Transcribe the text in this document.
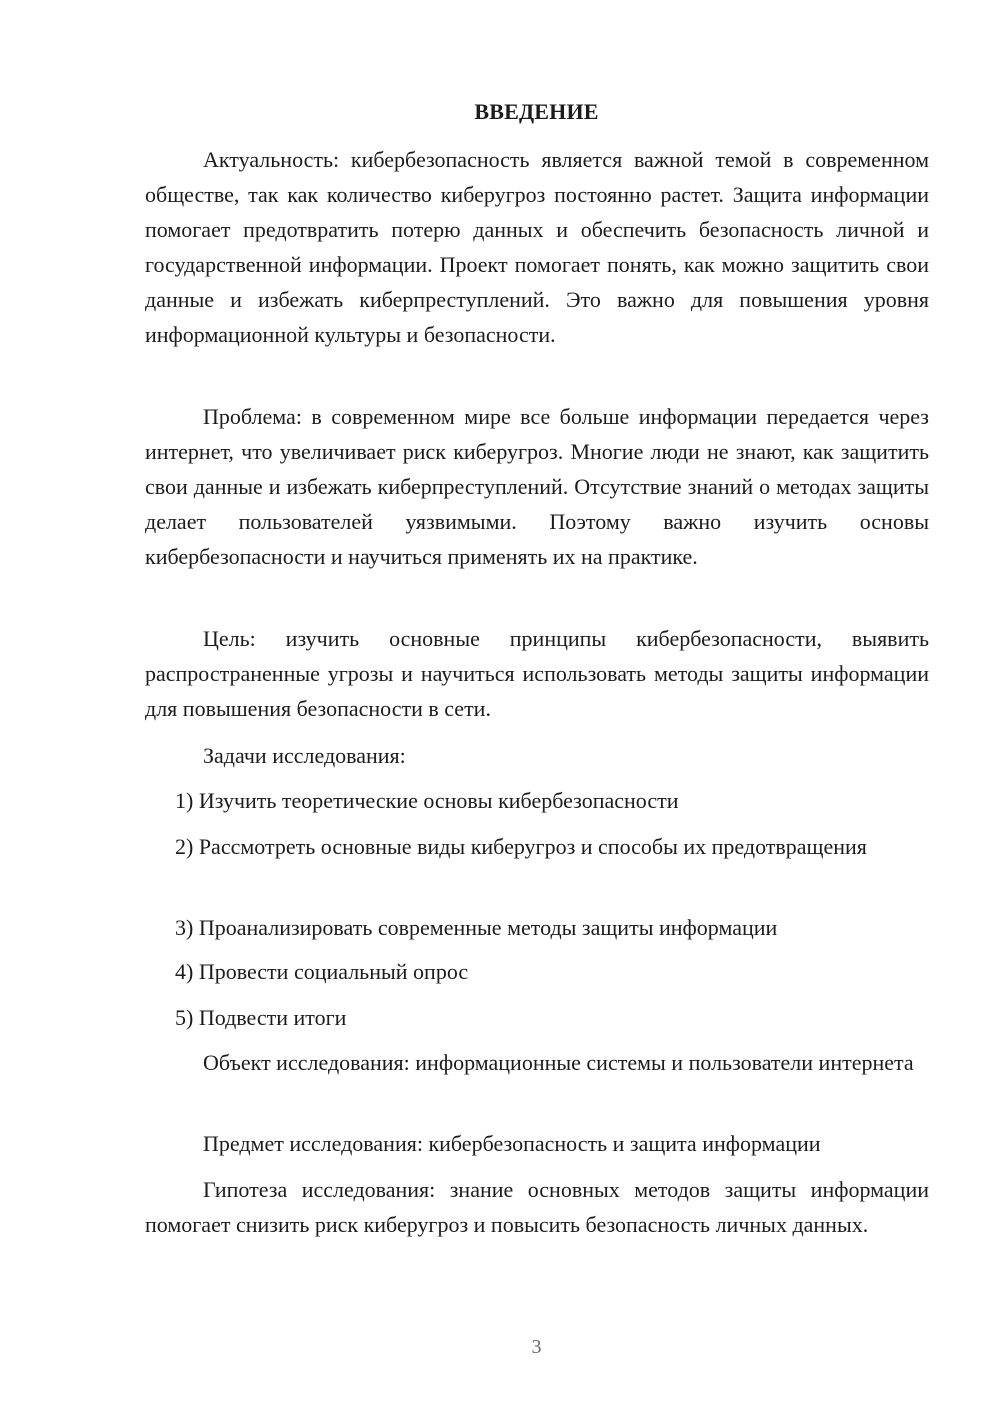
ВВЕДЕНИЕ
Актуальность: кибербезопасность является важной темой в современном обществе, так как количество киберугроз постоянно растет. Защита информации помогает предотвратить потерю данных и обеспечить безопасность личной и государственной информации. Проект помогает понять, как можно защитить свои данные и избежать киберпреступлений. Это важно для повышения уровня информационной культуры и безопасности.
Проблема: в современном мире все больше информации передается через интернет, что увеличивает риск киберугроз. Многие люди не знают, как защитить свои данные и избежать киберпреступлений. Отсутствие знаний о методах защиты делает пользователей уязвимыми. Поэтому важно изучить основы кибербезопасности и научиться применять их на практике.
Цель: изучить основные принципы кибербезопасности, выявить распространенные угрозы и научиться использовать методы защиты информации для повышения безопасности в сети.
Задачи исследования:
1) Изучить теоретические основы кибербезопасности
2) Рассмотреть основные виды киберугроз и способы их предотвращения
3) Проанализировать современные методы защиты информации
4) Провести социальный опрос
5) Подвести итоги
Объект исследования: информационные системы и пользователи интернета
Предмет исследования: кибербезопасность и защита информации
Гипотеза исследования: знание основных методов защиты информации помогает снизить риск киберугроз и повысить безопасность личных данных.
3
